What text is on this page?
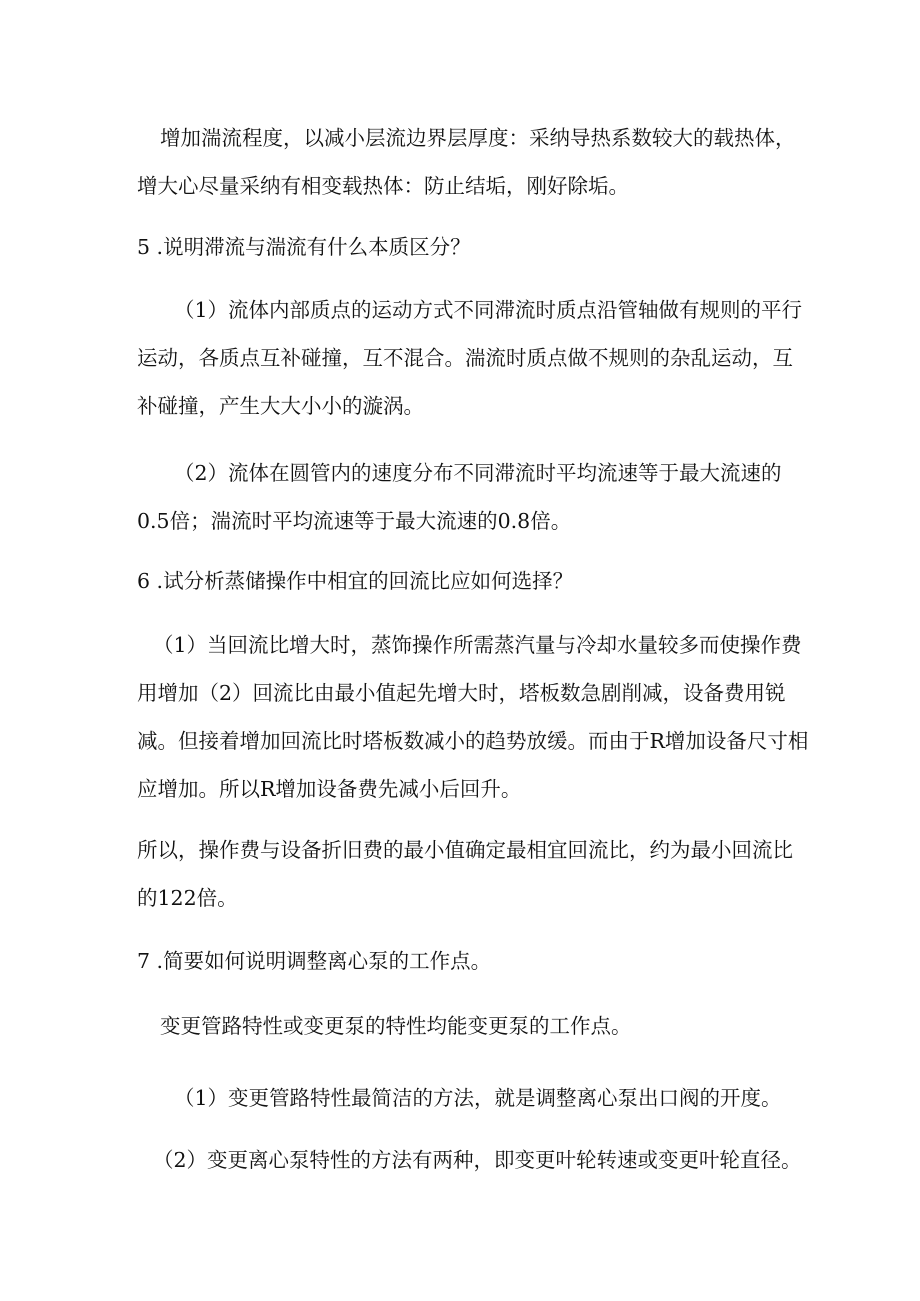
增加湍流程度，以减小层流边界层厚度：采纳导热系数较大的载热体，
增大心尽量采纳有相变载热体：防止结垢，刚好除垢。

5 .说明滞流与湍流有什么本质区分？

（1）流体内部质点的运动方式不同滞流时质点沿管轴做有规则的平行
运动，各质点互补碰撞，互不混合。湍流时质点做不规则的杂乱运动，互
补碰撞，产生大大小小的漩涡。

（2）流体在圆管内的速度分布不同滞流时平均流速等于最大流速的
0.5倍；湍流时平均流速等于最大流速的0.8倍。

6 .试分析蒸储操作中相宜的回流比应如何选择？

（1）当回流比增大时，蒸饰操作所需蒸汽量与冷却水量较多而使操作费
用增加（2）回流比由最小值起先增大时，塔板数急剧削减，设备费用锐
减。但接着增加回流比时塔板数减小的趋势放缓。而由于R增加设备尺寸相
应增加。所以R增加设备费先减小后回升。

所以，操作费与设备折旧费的最小值确定最相宜回流比，约为最小回流比
的122倍。

7 .简要如何说明调整离心泵的工作点。

变更管路特性或变更泵的特性均能变更泵的工作点。

（1）变更管路特性最简洁的方法，就是调整离心泵出口阀的开度。

（2）变更离心泵特性的方法有两种，即变更叶轮转速或变更叶轮直径。
